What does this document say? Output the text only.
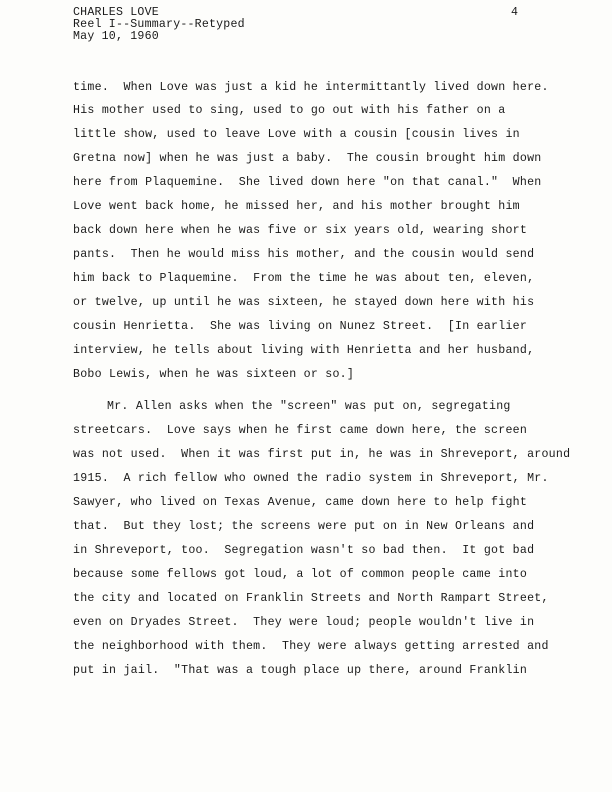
CHARLES LOVE
Reel I--Summary--Retyped
May 10, 1960
4
time.  When Love was just a kid he intermittantly lived down here.
His mother used to sing, used to go out with his father on a
little show, used to leave Love with a cousin [cousin lives in
Gretna now] when he was just a baby.  The cousin brought him down
here from Plaquemine.  She lived down here "on that canal."  When
Love went back home, he missed her, and his mother brought him
back down here when he was five or six years old, wearing short
pants.  Then he would miss his mother, and the cousin would send
him back to Plaquemine.  From the time he was about ten, eleven,
or twelve, up until he was sixteen, he stayed down here with his
cousin Henrietta.  She was living on Nunez Street.  [In earlier
interview, he tells about living with Henrietta and her husband,
Bobo Lewis, when he was sixteen or so.]
Mr. Allen asks when the "screen" was put on, segregating
streetcars.  Love says when he first came down here, the screen
was not used.  When it was first put in, he was in Shreveport, around
1915.  A rich fellow who owned the radio system in Shreveport, Mr.
Sawyer, who lived on Texas Avenue, came down here to help fight
that.  But they lost; the screens were put on in New Orleans and
in Shreveport, too.  Segregation wasn't so bad then.  It got bad
because some fellows got loud, a lot of common people came into
the city and located on Franklin Streets and North Rampart Street,
even on Dryades Street.  They were loud; people wouldn't live in
the neighborhood with them.  They were always getting arrested and
put in jail.  "That was a tough place up there, around Franklin
